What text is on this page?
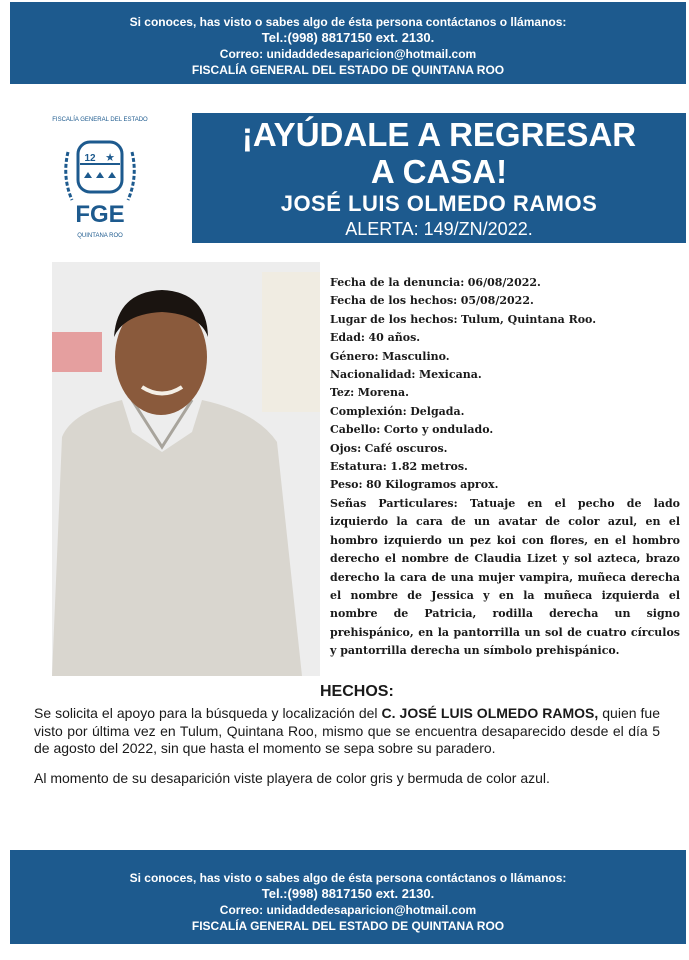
Si conoces, has visto o sabes algo de ésta persona contáctanos o llámanos:
Tel.:(998) 8817150 ext. 2130.
Correo: unidaddedesaparicion@hotmail.com
FISCALÍA GENERAL DEL ESTADO DE QUINTANA ROO
FISCALÍA GENERAL DEL ESTADO
12 ★
FGE
QUINTANA ROO
¡AYÚDALE A REGRESAR
A CASA!
JOSÉ LUIS OLMEDO RAMOS
ALERTA: 149/ZN/2022.
Fecha de la denuncia: 06/08/2022.
Fecha de los hechos: 05/08/2022.
Lugar de los hechos: Tulum, Quintana Roo.
Edad: 40 años.
Género: Masculino.
Nacionalidad: Mexicana.
Tez: Morena.
Complexión: Delgada.
Cabello: Corto y ondulado.
Ojos: Café oscuros.
Estatura: 1.82 metros.
Peso: 80 Kilogramos aprox.
Señas Particulares: Tatuaje en el pecho de lado izquierdo la cara de un avatar de color azul, en el hombro izquierdo un pez koi con flores, en el hombro derecho el nombre de Claudia Lizet y sol azteca, brazo derecho la cara de una mujer vampira, muñeca derecha el nombre de Jessica y en la muñeca izquierda el nombre de Patricia, rodilla derecha un signo prehispánico, en la pantorrilla un sol de cuatro círculos y pantorrilla derecha un símbolo prehispánico.
HECHOS:

Se solicita el apoyo para la búsqueda y localización del C. JOSÉ LUIS OLMEDO RAMOS, quien fue visto por última vez en Tulum, Quintana Roo, mismo que se encuentra desaparecido desde el día 5 de agosto del 2022, sin que hasta el momento se sepa sobre su paradero.

Al momento de su desaparición viste playera de color gris y bermuda de color azul.

Si conoces, has visto o sabes algo de ésta persona contáctanos o llámanos:
Tel.:(998) 8817150 ext. 2130.
Correo: unidaddedesaparicion@hotmail.com
FISCALÍA GENERAL DEL ESTADO DE QUINTANA ROO
